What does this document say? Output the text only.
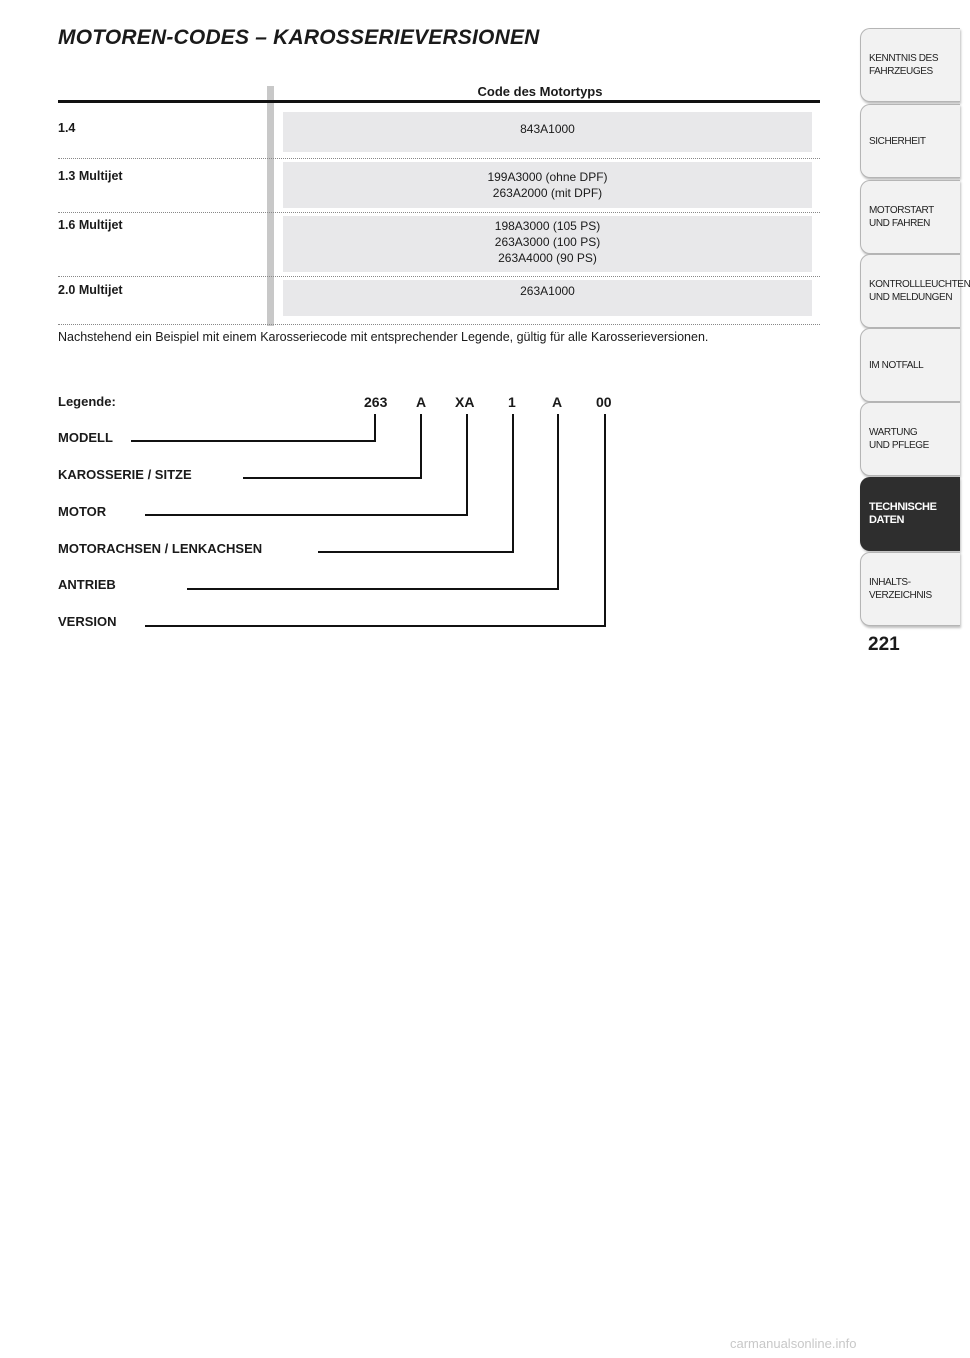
MOTOREN-CODES – KAROSSERIEVERSIONEN
Code des Motortyps
1.4	843A1000
1.3 Multijet	199A3000 (ohne DPF)
263A2000 (mit DPF)
1.6 Multijet	198A3000 (105 PS)
263A3000 (100 PS)
263A4000 (90 PS)
2.0 Multijet	263A1000
Nachstehend ein Beispiel mit einem Karosseriecode mit entsprechender Legende, gültig für alle Karosserieversionen.
Legende:	263 A XA 1	A 00
MODELL
KAROSSERIE / SITZE
MOTOR
MOTORACHSEN / LENKACHSEN
ANTRIEB
VERSION
KENNTNIS DES
FAHRZEUGES
SICHERHEIT
MOTORSTART
UND FAHREN
KONTROLLLEUCHTEN
UND MELDUNGEN
IM NOTFALL
WARTUNG
UND PFLEGE
TECHNISCHE
DATEN
INHALTS-
VERZEICHNIS
221
carmanualsonline.info
